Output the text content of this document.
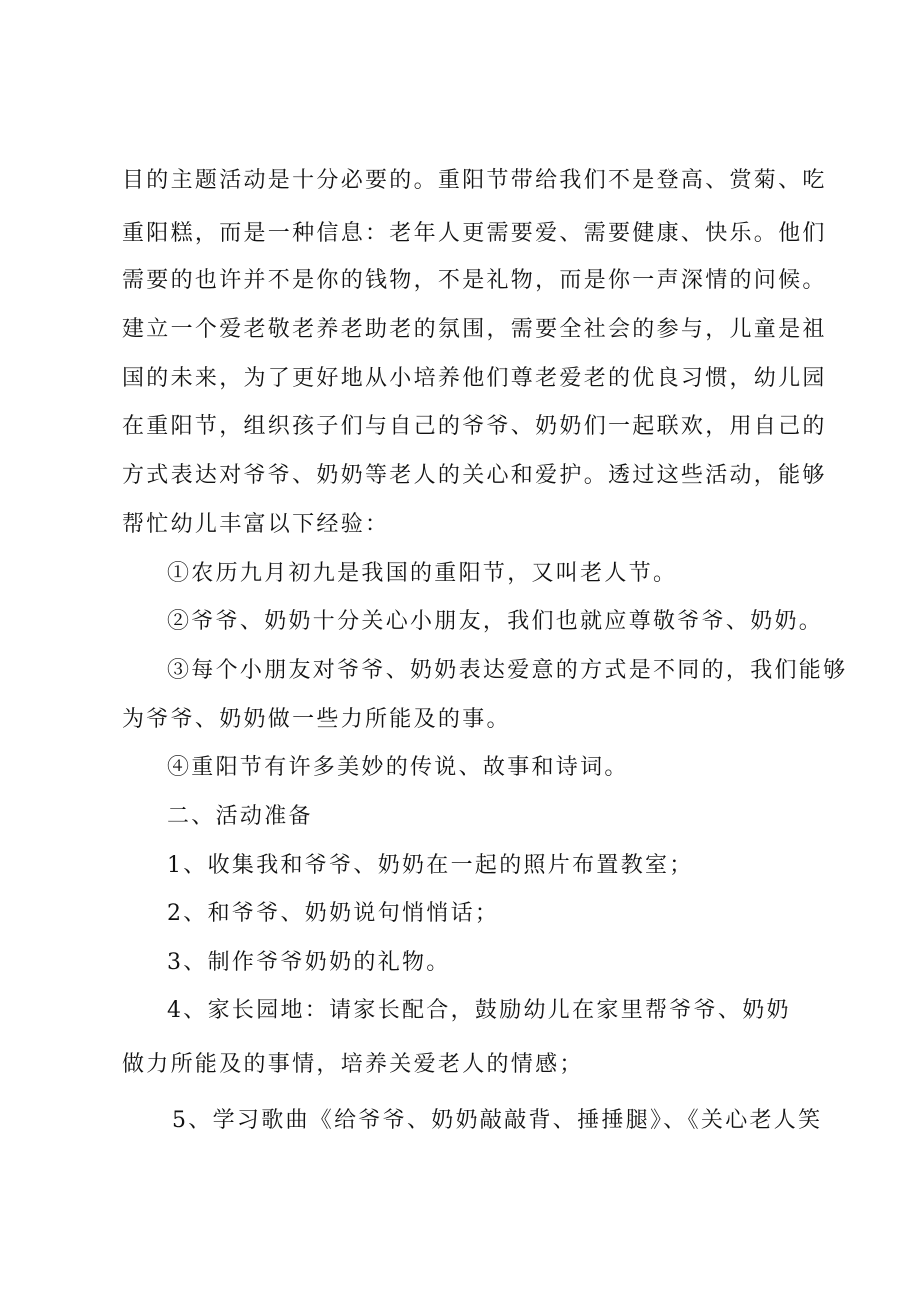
目的主题活动是十分必要的。重阳节带给我们不是登高、赏菊、吃
重阳糕，而是一种信息：老年人更需要爱、需要健康、快乐。他们
需要的也许并不是你的钱物，不是礼物，而是你一声深情的问候。
建立一个爱老敬老养老助老的氛围，需要全社会的参与，儿童是祖
国的未来，为了更好地从小培养他们尊老爱老的优良习惯，幼儿园
在重阳节，组织孩子们与自己的爷爷、奶奶们一起联欢，用自己的
方式表达对爷爷、奶奶等老人的关心和爱护。透过这些活动，能够
帮忙幼儿丰富以下经验：
①农历九月初九是我国的重阳节，又叫老人节。
②爷爷、奶奶十分关心小朋友，我们也就应尊敬爷爷、奶奶。
③每个小朋友对爷爷、奶奶表达爱意的方式是不同的，我们能够
为爷爷、奶奶做一些力所能及的事。
④重阳节有许多美妙的传说、故事和诗词。
二、活动准备
1、收集我和爷爷、奶奶在一起的照片布置教室；
2、和爷爷、奶奶说句悄悄话；
3、制作爷爷奶奶的礼物。
4、家长园地：请家长配合，鼓励幼儿在家里帮爷爷、奶奶
做力所能及的事情，培养关爱老人的情感；
5、学习歌曲《给爷爷、奶奶敲敲背、捶捶腿》、《关心老人笑
